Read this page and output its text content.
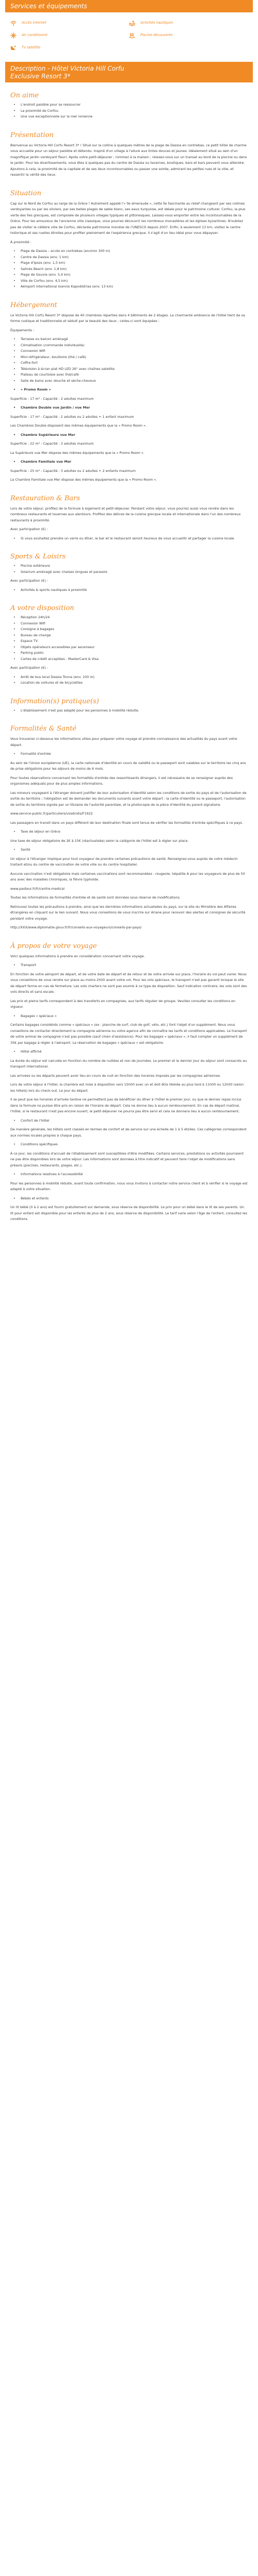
Services et équipements
Accès internet	Activités nautiques
Air conditionné	Piscine découverte
Tv satellite
Description - Hôtel Victoria Hill Corfu
Exclusive Resort 3*
On aime
• L'endroit paisible pour se ressourcer
• La proximité de Corfou
• Une vue exceptionnelle sur la mer ionienne
Présentation

Bienvenue au Victoria Hill Corfu Resort 3* ! Situé sur la colline à quelques mètres de la plage de Dassia en contrebas, ce petit hôtel de charme vous accueille pour un séjour paisible et détendu. Inspiré d'un village à l'allure aux tintes douces et jaunes. Idéalement situé au sein d'un magnifique jardin verdoyant fleuri. Après votre petit-déjeuner ; rommez à la maison ; relaxez-vous sur un transat au bord de la piscine ou dans le jardin. Pour les divertissements, vous êtes à quelques pas du centre de Dassia ou tavernes, boutiques, bars et bars peuvent vous attendre. Ajoutons à cela, la proximité de la capitale et de ses lieux incontournables ou passer une soirée, admirant les petites rues et la ville, et ressentir la vérité des lieux.

Situation

Cap sur le Nord de Corfou au large de la Grèce ! Autrement appelé l'« île émeraude », cette île fascinante au relief changeant par ses collines verdoyantes ou par les oliviers, par ses belles plages de sable blanc, ses eaux turquoise, est idéale pour le patrimoine culturel. Corfou, la plus verte des îles grecques, est composée de plusieurs villages typiques et pittoresques. Laissez-vous emporter entre les incontournables de la Grèce. Pour les amoureux de l'ancienne ville classique, vous pourrez découvrir les nombreux monastères et les églises byzantines. N'oubliez pas de visiter la célèbre ville de Corfou, déclarée patrimoine mondial de l'UNESCO depuis 2007. Enfin, à seulement 13 km, visitez le centre historique et ses ruelles étroites pour profiter pleinement de l'expérience grecque. Il s'agit d'un lieu idéal pour vous dépayser.

À proximité :

• Plage de Dassia – accès en contrebas (environ 300 m)
• Centre de Dassia (env. 1 km)
• Plage d'Ipsos (env. 1,5 km)
• Salinès Beach (env. 1,8 km)
• Plage de Gouvia (env. 5,4 km)
• Ville de Corfou (env. 4,5 km)
• Aéroport international Ioannis Kapodistrias (env. 13 km)
Hébergement

Le Victoria Hill Corfu Resort 3* dispose de 40 chambres réparties dans 4 bâtiments de 2 étages. La charmante ambiance de l'hôtel tient de sa forme rustique et traditionnelle et séduit par la beauté des lieux ; celles-ci sont équipées :

Équipements :

• Terrasse ou balcon aménagé
• Climatisation (commande individuelle)
• Connexion Wifi
• Mini-réfrigérateur, bouilloire (thé / café)
• Coffre-fort
• Télévision à écran plat HD LED 26" avec chaînes satellite
• Plateau de courtoisie avec thé/café
• Salle de bains avec douche et sèche-cheveux
• « Promo Room »

Superficie : 17 m² - Capacité : 2 adultes maximum

• Chambre Double vue Jardin / vue Mer

Superficie : 17 m² - Capacité : 2 adultes ou 2 adultes + 1 enfant maximum

Les Chambres Double disposent des mêmes équipements que la « Promo Room ».

• Chambre Supérieure vue Mer

Superficie : 22 m² - Capacité : 3 adultes maximum

La Supérieure vue Mer dispose des mêmes équipements que la « Promo Room ».

• Chambre Familiale vue Mer

Superficie : 25 m² - Capacité : 3 adultes ou 2 adultes + 2 enfants maximum

La Chambre Familiale vue Mer dispose des mêmes équipements que la « Promo Room ».

Restauration & Bars

Lors de votre séjour, profitez de la formule à logement et petit-déjeuner. Pendant votre séjour, vous pourrez aussi vous rendre dans les nombreux restaurants et tavernes aux alentours. Profitez des délices de la cuisine grecque locale et internationale dans l'un des nombreux restaurants à proximité.

Avec participation (€) :

• Si vous souhaitez prendre un verre ou dîner, le bar et le restaurant seront heureux de vous accueillir et partager la cuisine locale
Sports & Loisirs
• Piscine extérieure
• Solarium aménagé avec chaises longues et parasols

Avec participation (€) :

• Activités & sports nautiques à proximité
A votre disposition
• Réception 24h/24
• Connexion Wifi
• Consigne à bagages
• Bureau de change
• Espace TV
• Objets opérateurs accessibles par ascenseur
• Parking public
• Cartes de crédit acceptées : MasterCard & Visa

Avec participation (€) :

• Arrêt de bus local Dassia Tonna (env. 100 m)
• Location de voitures et de bicyclettes
Information(s) pratique(s)
• L'établissement n'est pas adapté pour les personnes à mobilité réduite.
Formalités & Santé

Vous trouverez ci-dessous les informations utiles pour préparer votre voyage et prendre connaissance des actualités du pays avant votre départ.

• Formalité d'entrée

Au sein de l'Union européenne (UE), la carte nationale d'identité en cours de validité ou le passeport sont valables sur le territoire les cinq ans de prise obligatoire pour les séjours de moins de 6 mois.

Pour toutes réservations concernant les formalités d'entrée des ressortissants étrangers, il est nécessaire de se renseigner auprès des organismes adéquats pour de plus amples informations.

Les mineurs voyageant à l'étranger doivent justifier de leur autorisation d'identité selon les conditions de sortie du pays et de l'autorisation de sortie du territoire ; l'obligation est de demander les documents suivants avant votre départ : la carte d'identité ou le passeport, l'autorisation de sortie du territoire signée par un titulaire de l'autorité parentale, et la photocopie de la pièce d'identité du parent signataire.

www.service-public.fr/particuliers/vosdroits/F1922

Les passagers en transit dans un pays différent de leur destination finale sont tenus de vérifier les formalités d'entrée spécifiques à ce pays.

• Taxe de séjour en Grèce

Une taxe de séjour obligatoire de 2€ à 15€ (réactualisée) selon la catégorie de l'hôtel est à régler sur place.

• Santé

Un séjour à l'étranger implique pour tout voyageur de prendre certaines précautions de santé. Renseignez-vous auprès de votre médecin traitant et/ou du centre de vaccination de votre ville ou du centre hospitalier.

Aucune vaccination n'est obligatoire mais certaines vaccinations sont recommandées : rougeole, hépatite A pour les voyageurs de plus de 50 ans avec des maladies chroniques, la fièvre typhoïde.

www.pasteur.fr/fr/centre-medical

Toutes les informations de formalités d'entrée et de santé sont données sous réserve de modifications.

Retrouvez toutes les précautions à prendre, ainsi que les dernières informations actualisées du pays, sur le site du Ministère des Affaires étrangères en cliquant sur le lien suivant. Nous vous conseillons de vous inscrire sur Ariane pour recevoir des alertes et consignes de sécurité pendant votre voyage.

http://XXX/www.diplomatie.gouv.fr/fr/conseils-aux-voyageurs/conseils-par-pays/

À propos de votre voyage

Voici quelques informations à prendre en considération concernant votre voyage.

• Transport

En fonction de votre aéroport de départ, et de votre date de départ et de retour et de votre arrivée sur place, l'horaire du vol peut varier. Nous vous conseillons de vous rendre sur place au moins 2h00 avant votre vol. Pour les vols spéciaux, le transport n'est pas garanti lorsque le site de départ ferme en cas de fermeture. Les vols charters ne sont pas soumis à ce type de disposition. Sauf indication contraire, les vols sont des vols directs et sans escale.

Les prix et pleins tarifs correspondent à des transferts en compagnies, aux tarifs régulier de groupe. Veuillez consulter les conditions en vigueur.

• Bagages « spéciaux »

Certains bagages considérés comme « spéciaux » (ex : planche de surf, club de golf, vélo, etc.) font l'objet d'un supplément. Nous vous conseillons de contacter directement la compagnie aérienne ou votre agence afin de connaître les tarifs et conditions applicables. Le transport de votre animal de compagnie n'est pas possible (sauf chien d'assistance). Pour les bagages « spéciaux », il faut compter un supplément de 35€ par bagage à régler à l'aéroport. La réservation de bagages « spéciaux » est obligatoire.

• Hôtel affiché

La durée du séjour est calculée en fonction du nombre de nuitées et non de journées. Le premier et le dernier jour du séjour sont consacrés au transport international.

Les arrivées ou les départs peuvent avoir lieu en cours de nuit en fonction des horaires imposés par les compagnies aériennes.

Lors de votre séjour à l'hôtel, la chambre est mise à disposition vers 15h00 avec un et doit être libérée au plus tard à 11h00 ou 12h00 (selon les hôtels) lors du check-out. Le jour du départ.

Il se peut que les horaires d'arrivée tardive ne permettent pas de bénéficier du dîner à l'hôtel le premier jour, ou que le dernier repas inclus dans la formule ne puisse être pris en raison de l'horaire de départ. Cela ne donne lieu à aucun remboursement. En cas de départ matinal, l'hôtel, si le restaurant n'est pas encore ouvert, le petit-déjeuner ne pourra pas être servi et cela ne donnera lieu à aucun remboursement.

• Confort de l'hôtel

De manière générale, les hôtels sont classés en termes de confort et de service sur une échelle de 1 à 5 étoiles. Ces catégories correspondent aux normes locales propres à chaque pays.

• Conditions spécifiques

À ce jour, les conditions d'accueil de l'établissement sont susceptibles d'être modifiées. Certains services, prestations ou activités pourraient ne pas être disponibles lors de votre séjour. Les informations sont données à titre indicatif et peuvent faire l'objet de modifications sans préavis (piscines, restaurants, plages, etc.).

• Informations relatives à l'accessibilité

Pour les personnes à mobilité réduite, avant toute confirmation, nous vous invitons à contacter notre service client et à vérifier si le voyage est adapté à votre situation.

• Bébés et enfants

Un lit bébé (0 à 2 ans) est fourni gratuitement sur demande, sous réserve de disponibilité. Le prix pour un bébé dans le lit de ses parents. Un lit pour enfant est disponible pour les enfants de plus de 2 ans, sous réserve de disponibilité. Le tarif varie selon l'âge de l'enfant, consultez les conditions.
